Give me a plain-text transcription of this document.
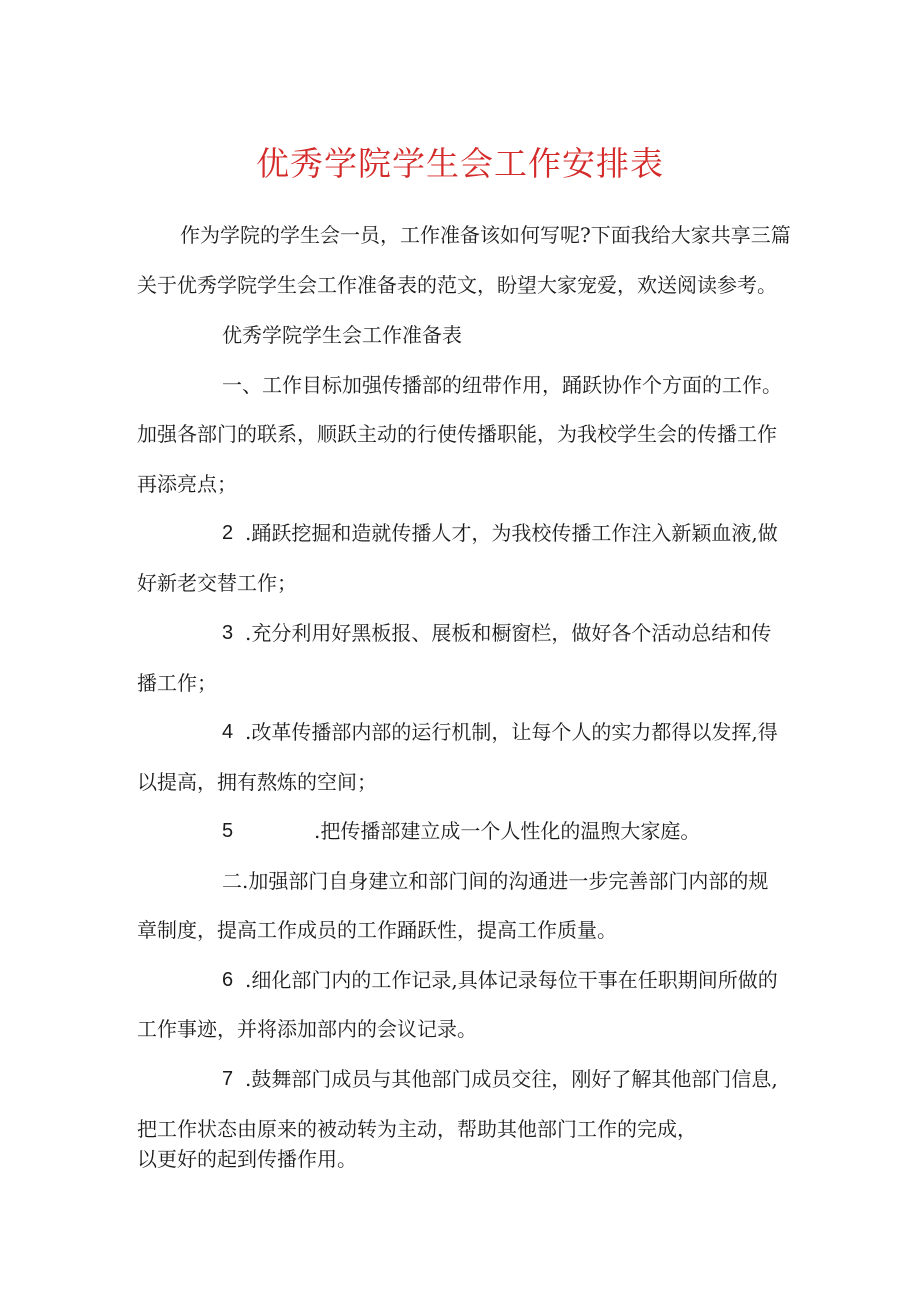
优秀学院学生会工作安排表
作为学院的学生会一员，工作准备该如何写呢?下面我给大家共享三篇
关于优秀学院学生会工作准备表的范文，盼望大家宠爱，欢送阅读参考。
优秀学院学生会工作准备表
一、工作目标加强传播部的纽带作用，踊跃协作个方面的工作。
加强各部门的联系，顺跃主动的行使传播职能，为我校学生会的传播工作
再添亮点；
2 .踊跃挖掘和造就传播人才，为我校传播工作注入新颖血液,做
好新老交替工作；
3 .充分利用好黑板报、展板和橱窗栏，做好各个活动总结和传
播工作；
4 .改革传播部内部的运行机制，让每个人的实力都得以发挥,得
以提高，拥有熬炼的空间；
5	.把传播部建立成一个人性化的温煦大家庭。
二.加强部门自身建立和部门间的沟通进一步完善部门内部的规
章制度，提高工作成员的工作踊跃性，提高工作质量。
6 .细化部门内的工作记录,具体记录每位干事在任职期间所做的
工作事迹，并将添加部内的会议记录。
7 .鼓舞部门成员与其他部门成员交往，刚好了解其他部门信息,
把工作状态由原来的被动转为主动，帮助其他部门工作的完成，
以更好的起到传播作用。
